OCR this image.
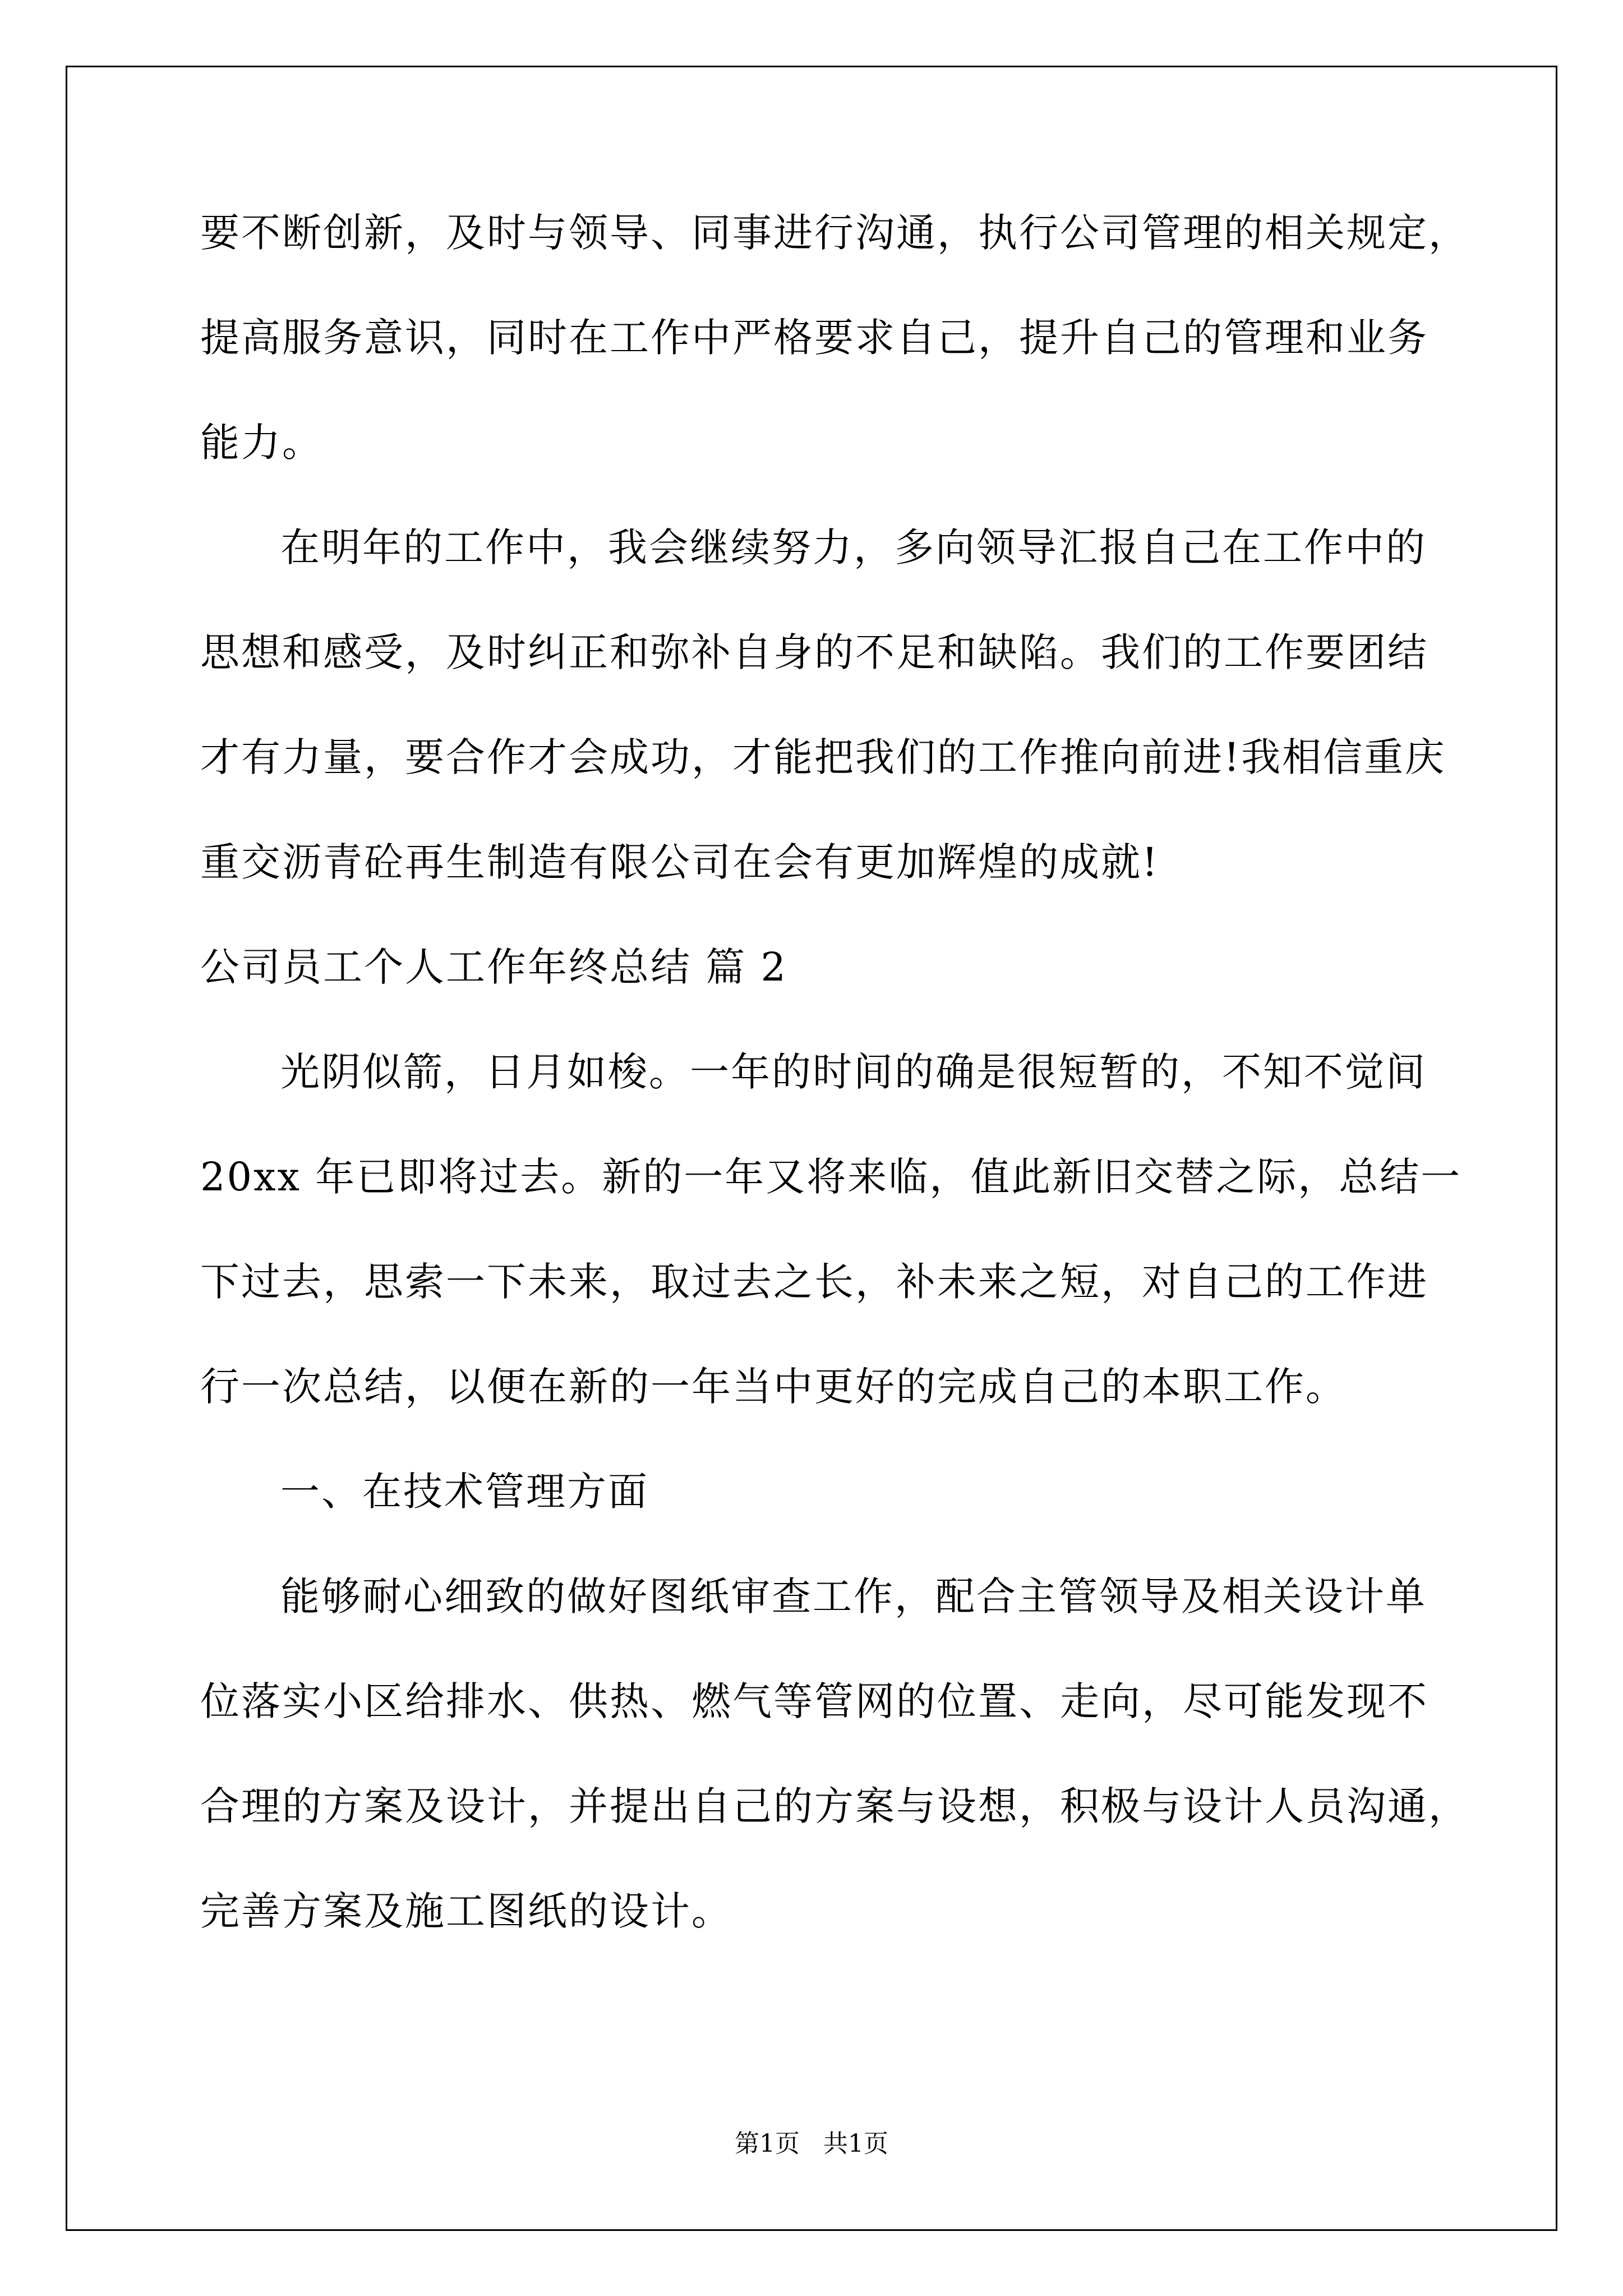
要不断创新，及时与领导、同事进行沟通，执行公司管理的相关规定，
提高服务意识，同时在工作中严格要求自己，提升自己的管理和业务
能力。
在明年的工作中，我会继续努力，多向领导汇报自己在工作中的
思想和感受，及时纠正和弥补自身的不足和缺陷。我们的工作要团结
才有力量，要合作才会成功，才能把我们的工作推向前进!我相信重庆
重交沥青砼再生制造有限公司在会有更加辉煌的成就!
公司员工个人工作年终总结 篇 2
光阴似箭，日月如梭。一年的时间的确是很短暂的，不知不觉间
20xx 年已即将过去。新的一年又将来临，值此新旧交替之际，总结一
下过去，思索一下未来，取过去之长，补未来之短，对自己的工作进
行一次总结，以便在新的一年当中更好的完成自己的本职工作。
一、在技术管理方面
能够耐心细致的做好图纸审查工作，配合主管领导及相关设计单
位落实小区给排水、供热、燃气等管网的位置、走向，尽可能发现不
合理的方案及设计，并提出自己的方案与设想，积极与设计人员沟通，
完善方案及施工图纸的设计。
第1页   共1页
